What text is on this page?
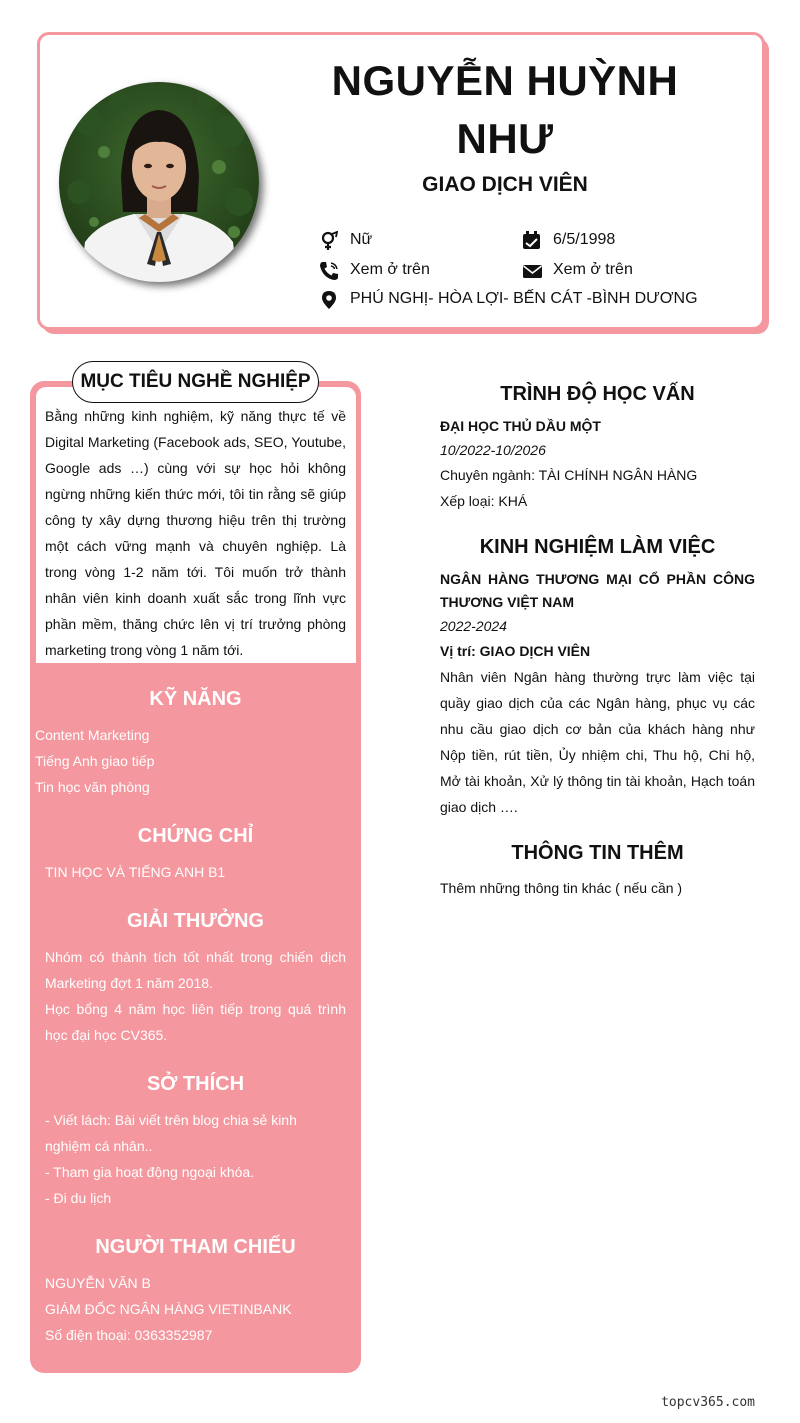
NGUYỄN HUỲNH NHƯ
GIAO DỊCH VIÊN
Nữ	6/5/1998
Xem ở trên	Xem ở trên
PHÚ NGHỊ- HÒA LỢI- BẾN CÁT -BÌNH DƯƠNG
Bằng những kinh nghiệm, kỹ năng thực tế về Digital Marketing (Facebook ads, SEO, Youtube, Google ads …) cùng với sự học hỏi không ngừng những kiến thức mới, tôi tin rằng sẽ giúp công ty xây dựng thương hiệu trên thị trường một cách vững mạnh và chuyên nghiệp. Là trong vòng 1-2 năm tới. Tôi muốn trở thành nhân viên kinh doanh xuất sắc trong lĩnh vực phần mềm, thăng chức lên vị trí trưởng phòng marketing trong vòng 1 năm tới.
MỤC TIÊU NGHỀ NGHIỆP
KỸ NĂNG
Content Marketing
Tiếng Anh giao tiếp
Tin học văn phòng
CHỨNG CHỈ
TIN HỌC VÀ TIẾNG ANH B1
GIẢI THƯỞNG
Nhóm có thành tích tốt nhất trong chiến dịch Marketing đợt 1 năm 2018.
Học bổng 4 năm học liên tiếp trong quá trình học đại học CV365.
SỞ THÍCH
- Viết lách: Bài viết trên blog chia sẻ kinh nghiệm cá nhân..
- Tham gia hoạt động ngoại khóa.
- Đi du lịch
NGƯỜI THAM CHIẾU
NGUYỄN VĂN B
GIÁM ĐỐC NGÂN HÀNG VIETINBANK
Số điện thoại: 0363352987
TRÌNH ĐỘ HỌC VẤN
ĐẠI HỌC THỦ DẦU MỘT
10/2022-10/2026
Chuyên ngành: TÀI CHÍNH NGÂN HÀNG
Xếp loại: KHÁ
KINH NGHIỆM LÀM VIỆC
NGÂN HÀNG THƯƠNG MẠI CỔ PHẦN CÔNG THƯƠNG VIỆT NAM
2022-2024
Vị trí: GIAO DỊCH VIÊN
Nhân viên Ngân hàng thường trực làm việc tại quầy giao dịch của các Ngân hàng, phục vụ các nhu cầu giao dịch cơ bản của khách hàng như Nộp tiền, rút tiền, Ủy nhiệm chi, Thu hộ, Chi hộ, Mở tài khoản, Xử lý thông tin tài khoản, Hạch toán giao dịch ….
THÔNG TIN THÊM
Thêm những thông tin khác ( nếu cần )
topcv365.com
